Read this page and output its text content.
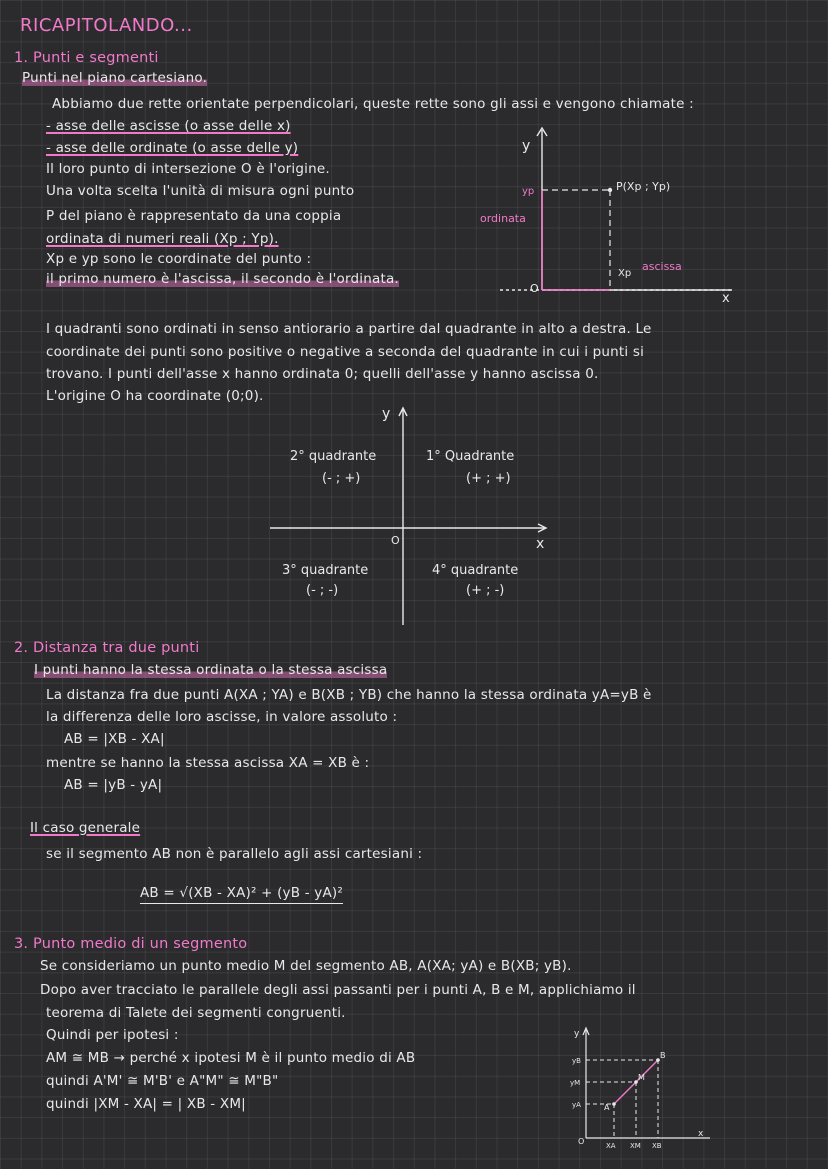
RICAPITOLANDO...
1. Punti e segmenti
Punti nel piano cartesiano.
Abbiamo due rette orientate perpendicolari, queste rette sono gli assi e vengono chiamate :
- asse delle ascisse (o asse delle x)
- asse delle ordinate (o asse delle y)
Il loro punto di intersezione O è l'origine.
Una volta scelta l'unità di misura ogni punto
P del piano è rappresentato da una coppia
ordinata di numeri reali (Xp ; Yp).
Xp e yp sono le coordinate del punto :
il primo numero è l'ascissa, il secondo è l'ordinata.
y
x
O
P(Xp ; Yp)
yp
ordinata
Xp
ascissa
I quadranti sono ordinati in senso antiorario a partire dal quadrante in alto a destra. Le
coordinate dei punti sono positive o negative a seconda del quadrante in cui i punti si
trovano. I punti dell'asse x hanno ordinata 0; quelli dell'asse y hanno ascissa 0.
L'origine O ha coordinate (0;0).
y
x
O
1° Quadrante
(+ ; +)
2° quadrante
(- ; +)
3° quadrante
(- ; -)
4° quadrante
(+ ; -)
2. Distanza tra due punti
I punti hanno la stessa ordinata o la stessa ascissa
La distanza fra due punti A(XA ; YA) e B(XB ; YB) che hanno la stessa ordinata yA=yB è
la differenza delle loro ascisse, in valore assoluto :
AB = |XB - XA|
mentre se hanno la stessa ascissa XA = XB è :
AB = |yB - yA|
Il caso generale
se il segmento AB non è parallelo agli assi cartesiani :
AB = √(XB - XA)² + (yB - yA)²
3. Punto medio di un segmento
Se consideriamo un punto medio M del segmento AB, A(XA; yA) e B(XB; yB).
Dopo aver tracciato le parallele degli assi passanti per i punti A, B e M, applichiamo il
teorema di Talete dei segmenti congruenti.
Quindi per ipotesi :
AM ≅ MB → perché x ipotesi M è il punto medio di AB
quindi A'M' ≅ M'B' e A"M" ≅ M"B"
quindi |XM - XA| = | XB - XM|
y
x
O
A
B
M
yB
yM
yA
XA XM XB
